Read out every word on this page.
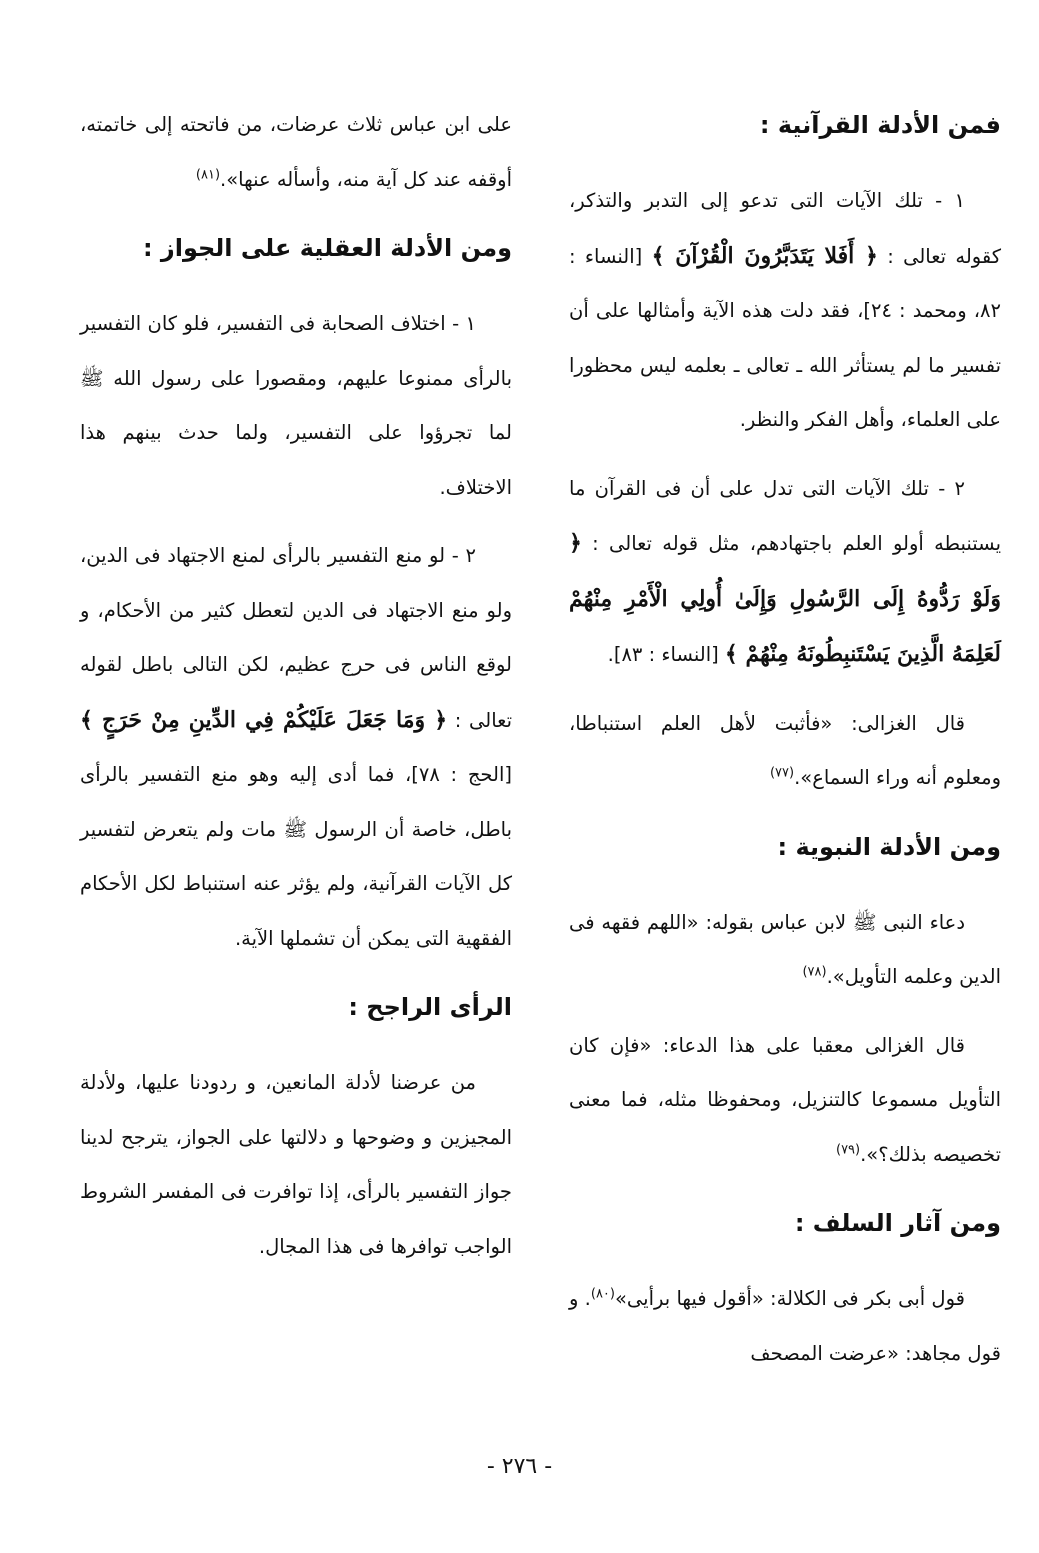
فمن الأدلة القرآنية :

١ - تلك الآيات التى تدعو إلى التدبر والتذكر، كقوله تعالى : ﴿ أَفَلا يَتَدَبَّرُونَ الْقُرْآنَ ﴾ [النساء : ٨٢، ومحمد : ٢٤]، فقد دلت هذه الآية وأمثالها على أن تفسير ما لم يستأثر الله ـ تعالى ـ بعلمه ليس محظورا على العلماء، وأهل الفكر والنظر.

٢ - تلك الآيات التى تدل على أن فى القرآن ما يستنبطه أولو العلم باجتهادهم، مثل قوله تعالى : ﴿ وَلَوْ رَدُّوهُ إِلَى الرَّسُولِ وَإِلَىٰ أُولِي الْأَمْرِ مِنْهُمْ لَعَلِمَهُ الَّذِينَ يَسْتَنبِطُونَهُ مِنْهُمْ ﴾ [النساء : ٨٣].

قال الغزالى: «فأثبت لأهل العلم استنباطا، ومعلوم أنه وراء السماع».$^{(٧٧)}$

ومن الأدلة النبوية :

دعاء النبى ﷺ لابن عباس بقوله: «اللهم فقهه فى الدين وعلمه التأويل».$^{(٧٨)}$

قال الغزالى معقبا على هذا الدعاء: «فإن كان التأويل مسموعا كالتنزيل، ومحفوظا مثله، فما معنى تخصيصه بذلك؟».$^{(٧٩)}$

ومن آثار السلف :

قول أبى بكر فى الكلالة: «أقول فيها برأيى»$^{(٨٠)}$. و قول مجاهد: «عرضت المصحف

على ابن عباس ثلاث عرضات، من فاتحته إلى خاتمته، أوقفه عند كل آية منه، وأسأله عنها».$^{(٨١)}$

ومن الأدلة العقلية على الجواز :

١ - اختلاف الصحابة فى التفسير، فلو كان التفسير بالرأى ممنوعا عليهم، ومقصورا على رسول الله ﷺ لما تجرؤوا على التفسير، ولما حدث بينهم هذا الاختلاف.

٢ - لو منع التفسير بالرأى لمنع الاجتهاد فى الدين، ولو منع الاجتهاد فى الدين لتعطل كثير من الأحكام، و لوقع الناس فى حرج عظيم، لكن التالى باطل لقوله تعالى : ﴿ وَمَا جَعَلَ عَلَيْكُمْ فِي الدِّينِ مِنْ حَرَجٍ ﴾ [الحج : ٧٨]، فما أدى إليه وهو منع التفسير بالرأى باطل، خاصة أن الرسول ﷺ مات ولم يتعرض لتفسير كل الآيات القرآنية، ولم يؤثر عنه استنباط لكل الأحكام الفقهية التى يمكن أن تشملها الآية.

الرأى الراجح :

من عرضنا لأدلة المانعين، و ردودنا عليها، ولأدلة المجيزين و وضوحها و دلالتها على الجواز، يترجح لدينا جواز التفسير بالرأى، إذا توافرت فى المفسر الشروط الواجب توافرها فى هذا المجال.

- ٢٧٦ -
